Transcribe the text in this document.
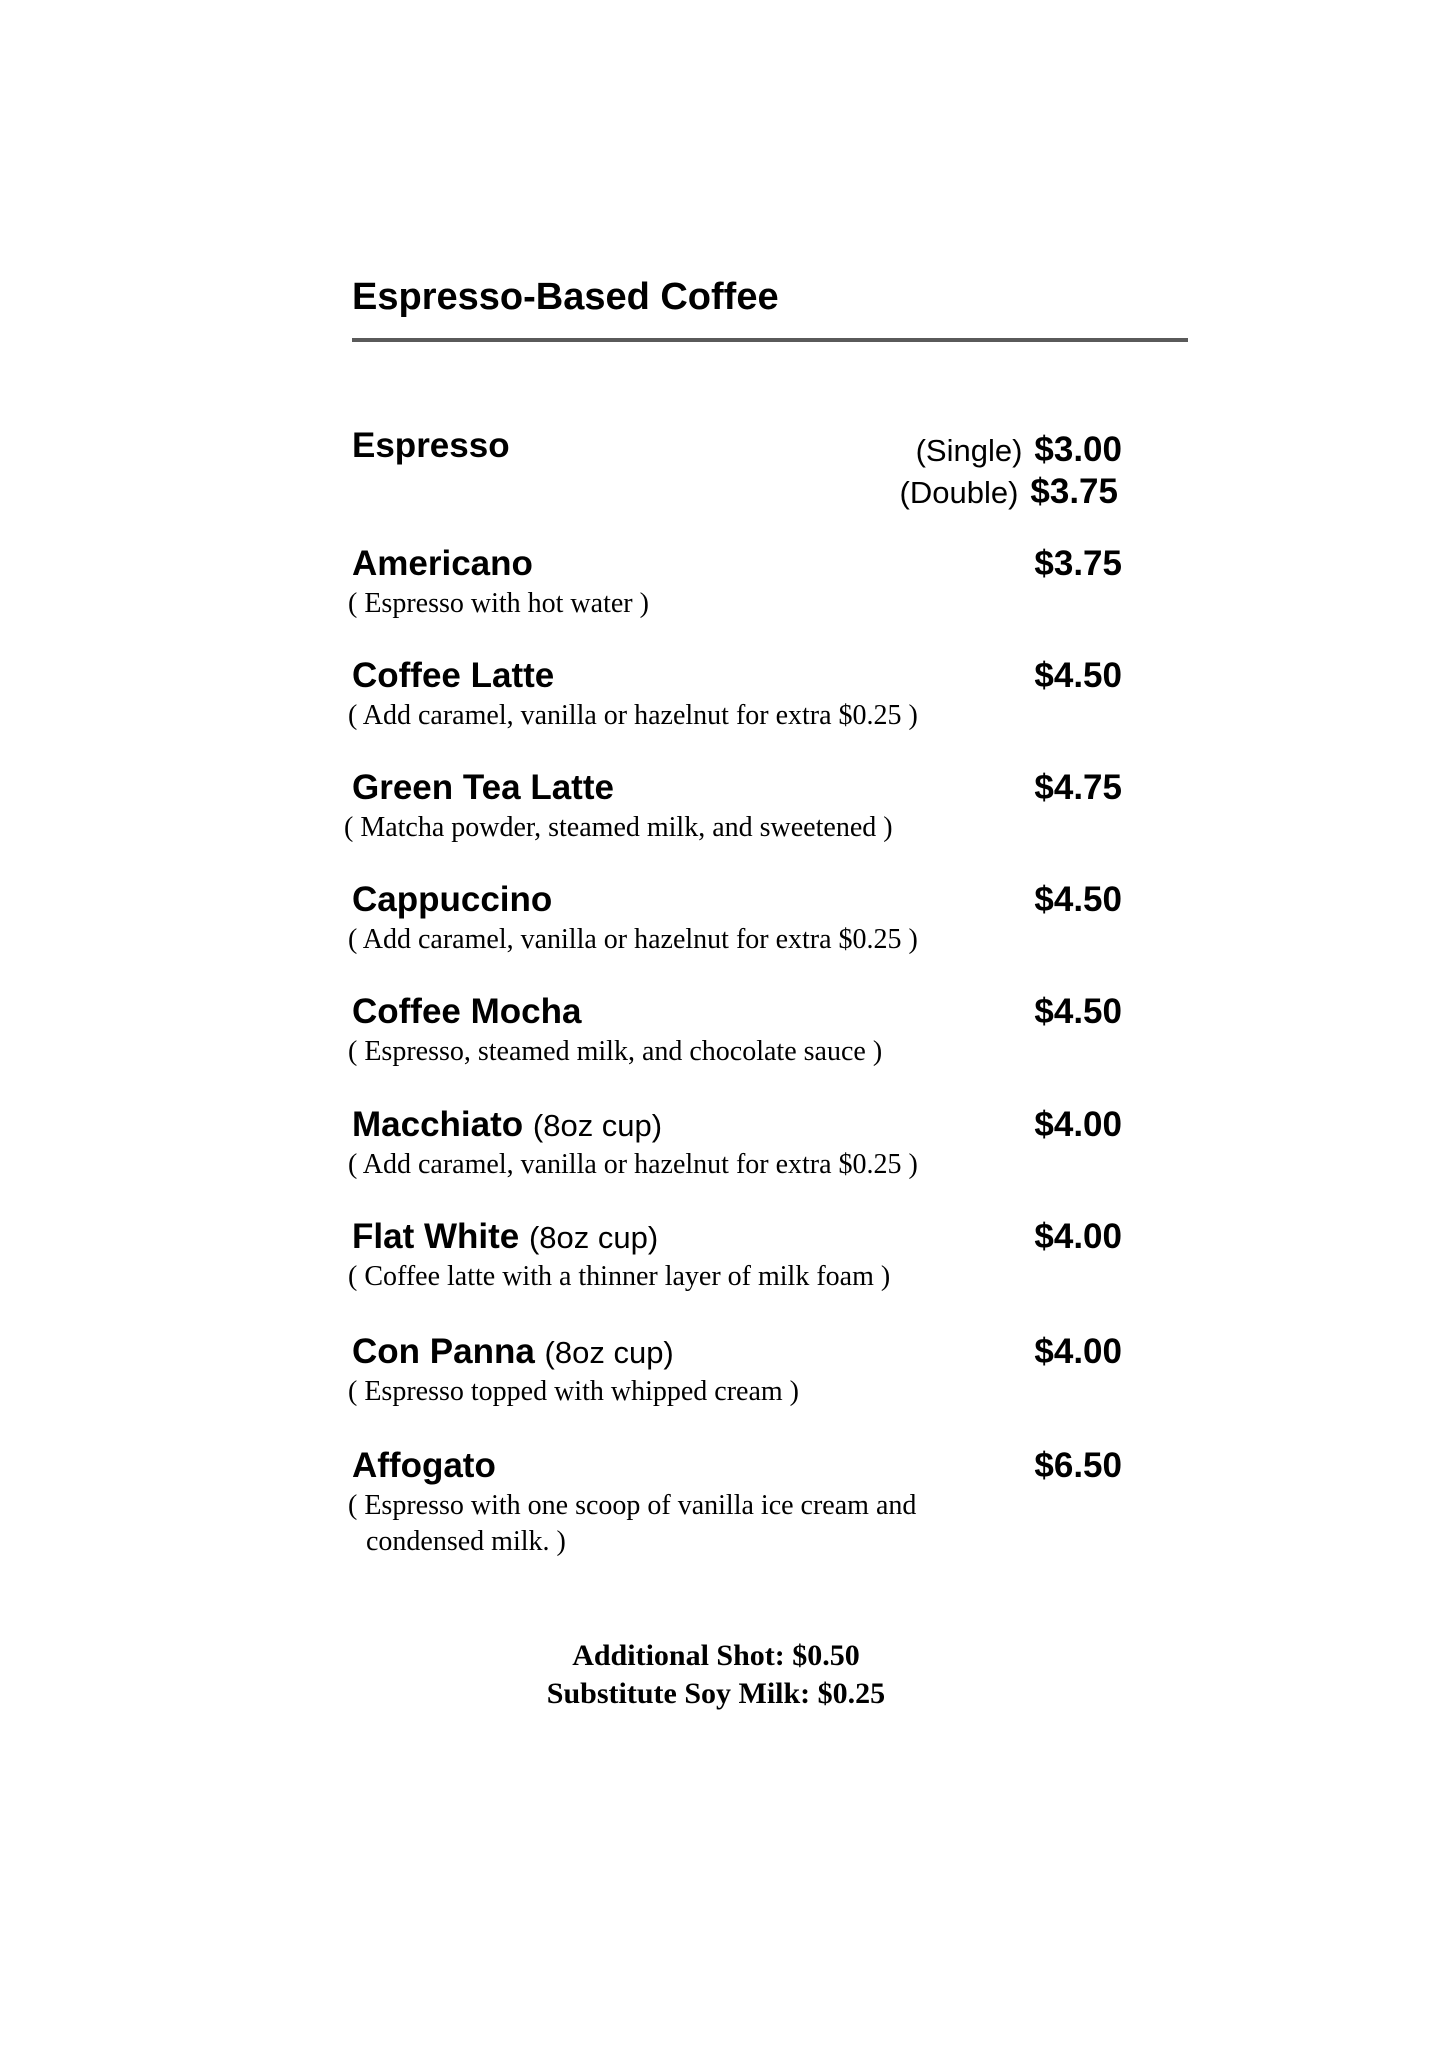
Espresso-Based Coffee
Espresso	(Single) $3.00
(Double) $3.75
Americano	$3.75
( Espresso with hot water )
Coffee Latte	$4.50
( Add caramel, vanilla or hazelnut for extra $0.25 )
Green Tea Latte	$4.75
( Matcha powder, steamed milk, and sweetened )
Cappuccino	$4.50
( Add caramel, vanilla or hazelnut for extra $0.25 )
Coffee Mocha	$4.50
( Espresso, steamed milk, and chocolate sauce )
Macchiato (8oz cup)	$4.00
( Add caramel, vanilla or hazelnut for extra $0.25 )
Flat White (8oz cup)	$4.00
( Coffee latte with a thinner layer of milk foam )
Con Panna (8oz cup)	$4.00
( Espresso topped with whipped cream )
Affogato	$6.50
( Espresso with one scoop of vanilla ice cream and condensed milk. )
Additional Shot: $0.50
Substitute Soy Milk: $0.25
